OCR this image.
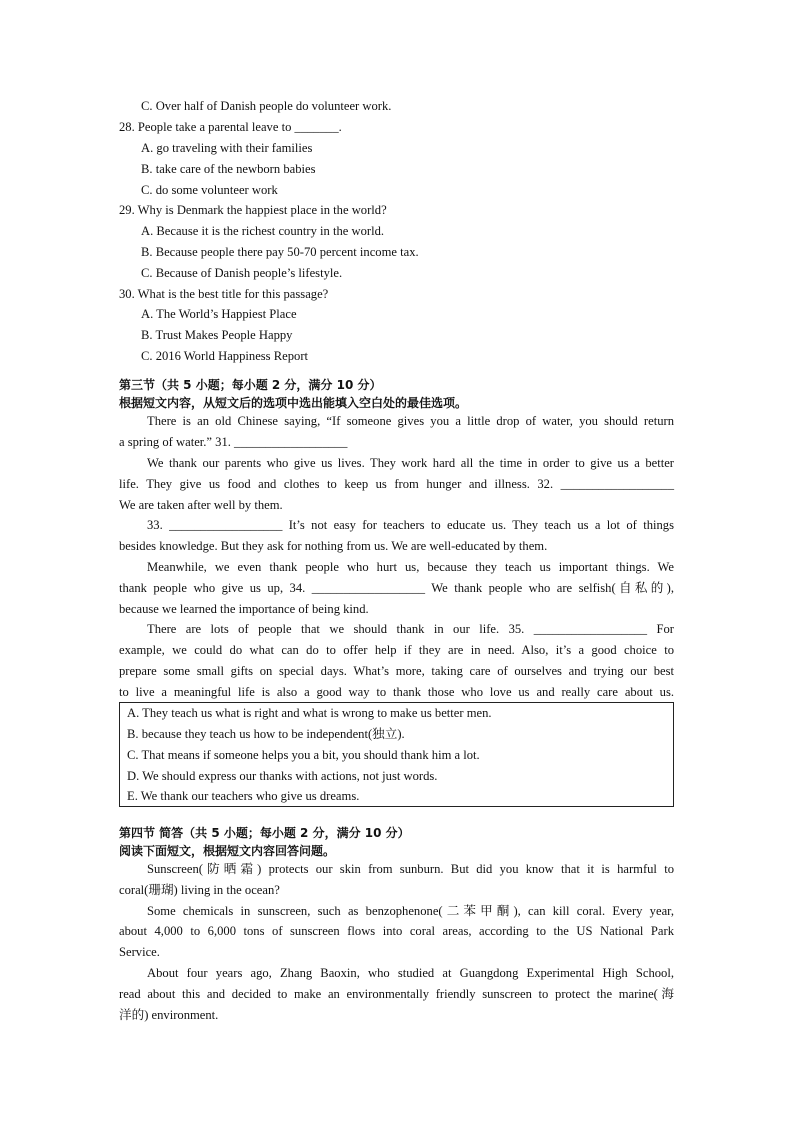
C. Over half of Danish people do volunteer work.
28. People take a parental leave to _______.
A. go traveling with their families
B. take care of the newborn babies
C. do some volunteer work
29. Why is Denmark the happiest place in the world?
A. Because it is the richest country in the world.
B. Because people there pay 50-70 percent income tax.
C. Because of Danish people’s lifestyle.
30. What is the best title for this passage?
A. The World’s Happiest Place
B. Trust Makes People Happy
C. 2016 World Happiness Report
第三节（共 5 小题；每小题 2 分，满分 10 分）
根据短文内容，从短文后的选项中选出能填入空白处的最佳选项。
There is an old Chinese saying, “If someone gives you a little drop of water, you should return
a spring of water.” 31. __________________
We thank our parents who give us lives. They work hard all the time in order to give us a better
life. They give us food and clothes to keep us from hunger and illness. 32. __________________
We are taken after well by them.
33. __________________ It’s not easy for teachers to educate us. They teach us a lot of things
besides knowledge. But they ask for nothing from us. We are well-educated by them.
Meanwhile, we even thank people who hurt us, because they teach us important things. We
thank people who give us up, 34. __________________ We thank people who are selfish(自私的),
because we learned the importance of being kind.
There are lots of people that we should thank in our life. 35. __________________ For
example, we could do what can do to offer help if they are in need. Also, it’s a good choice to
prepare some small gifts on special days. What’s more, taking care of ourselves and trying our best
to live a meaningful life is also a good way to thank those who love us and really care about us.
A. They teach us what is right and what is wrong to make us better men.
B. because they teach us how to be independent(独立).
C. That means if someone helps you a bit, you should thank him a lot.
D. We should express our thanks with actions, not just words.
E. We thank our teachers who give us dreams.
第四节 简答（共 5 小题；每小题 2 分，满分 10 分）
阅读下面短文，根据短文内容回答问题。
Sunscreen(防晒霜) protects our skin from sunburn. But did you know that it is harmful to
coral(珊瑚) living in the ocean?
Some chemicals in sunscreen, such as benzophenone(二苯甲酮), can kill coral. Every year,
about 4,000 to 6,000 tons of sunscreen flows into coral areas, according to the US National Park
Service.
About four years ago, Zhang Baoxin, who studied at Guangdong Experimental High School,
read about this and decided to make an environmentally friendly sunscreen to protect the marine(海
洋的) environment.
